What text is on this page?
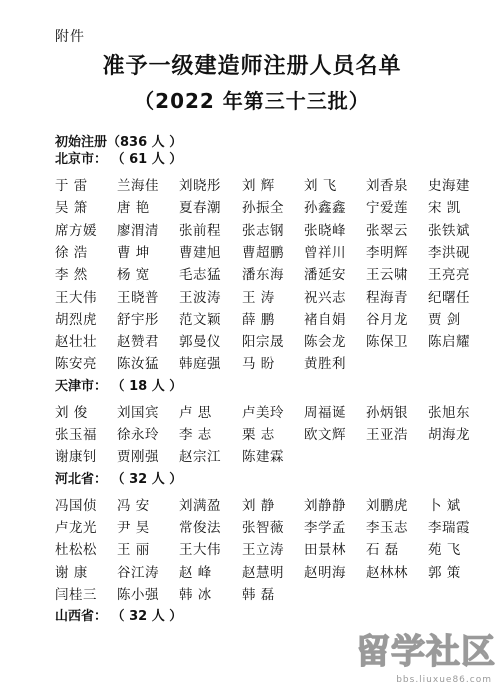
附件
准予一级建造师注册人员名单
（2022 年第三十三批）
初始注册（836 人 ）
北京市： （ 61 人 ）
于 雷 兰海佳 刘晓彤 刘 辉 刘 飞 刘香泉 史海建
吴 箫 唐 艳 夏春潮 孙振全 孙鑫鑫 宁爱莲 宋 凯
席方媛 廖渭清 张前程 张志钢 张晓峰 张翠云 张铁斌
徐 浩 曹 坤 曹建旭 曹超鹏 曾祥川 李明辉 李洪砚
李 然 杨 宽 毛志猛 潘东海 潘延安 王云啸 王亮亮
王大伟 王晓普 王波涛 王 涛 祝兴志 程海青 纪曙任
胡烈虎 舒宇彤 范文颖 薛 鹏 褚自娟 谷月龙 贾 剑
赵壮壮 赵赞君 郭曼仪 阳宗晟 陈会龙 陈保卫 陈启耀
陈安亮 陈汝猛 韩庭强 马 盼 黄胜利
天津市： （ 18 人 ）
刘 俊 刘国宾 卢 思 卢美玲 周福诞 孙炳银 张旭东
张玉福 徐永玲 李 志 栗 志 欧文辉 王亚浩 胡海龙
谢康钊 贾刚强 赵宗江 陈建霖
河北省： （ 32 人 ）
冯国侦 冯 安 刘满盈 刘 静 刘静静 刘鹏虎 卜 斌
卢龙光 尹 昊 常俊法 张智薇 李学孟 李玉志 李瑞霞
杜松松 王 丽 王大伟 王立涛 田景林 石 磊 苑 飞
谢 康 谷江涛 赵 峰 赵慧明 赵明海 赵林林 郭 策
闫桂三 陈小强 韩 冰 韩 磊
山西省： （ 32 人 ）
留学社区
bbs.liuxue86.com
